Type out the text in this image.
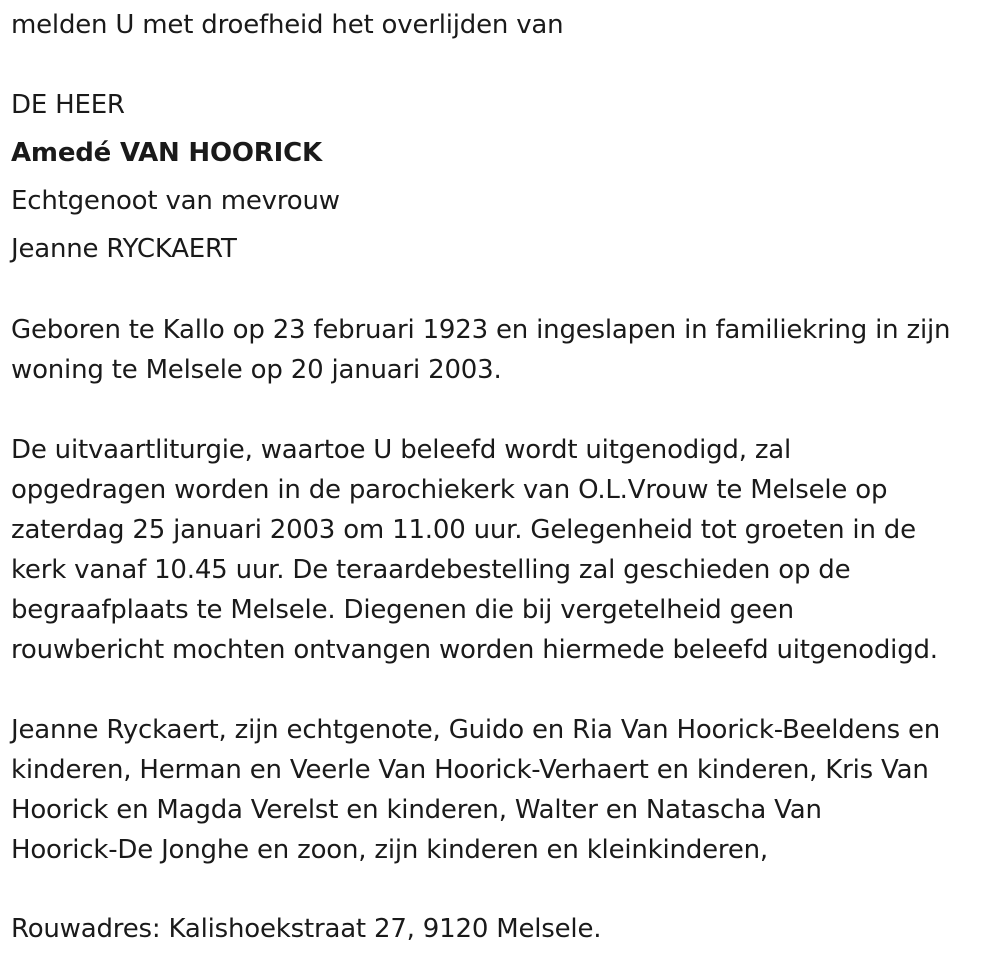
melden U met droefheid het overlijden van
DE HEER
Amedé VAN HOORICK
Echtgenoot van mevrouw
Jeanne RYCKAERT
Geboren te Kallo op 23 februari 1923 en ingeslapen in familiekring in zijn
woning te Melsele op 20 januari 2003.
De uitvaartliturgie, waartoe U beleefd wordt uitgenodigd, zal
opgedragen worden in de parochiekerk van O.L.Vrouw te Melsele op
zaterdag 25 januari 2003 om 11.00 uur. Gelegenheid tot groeten in de
kerk vanaf 10.45 uur. De teraardebestelling zal geschieden op de
begraafplaats te Melsele. Diegenen die bij vergetelheid geen
rouwbericht mochten ontvangen worden hiermede beleefd uitgenodigd.
Jeanne Ryckaert, zijn echtgenote, Guido en Ria Van Hoorick-Beeldens en
kinderen, Herman en Veerle Van Hoorick-Verhaert en kinderen, Kris Van
Hoorick en Magda Verelst en kinderen, Walter en Natascha Van
Hoorick-De Jonghe en zoon, zijn kinderen en kleinkinderen,
Rouwadres: Kalishoekstraat 27, 9120 Melsele.
